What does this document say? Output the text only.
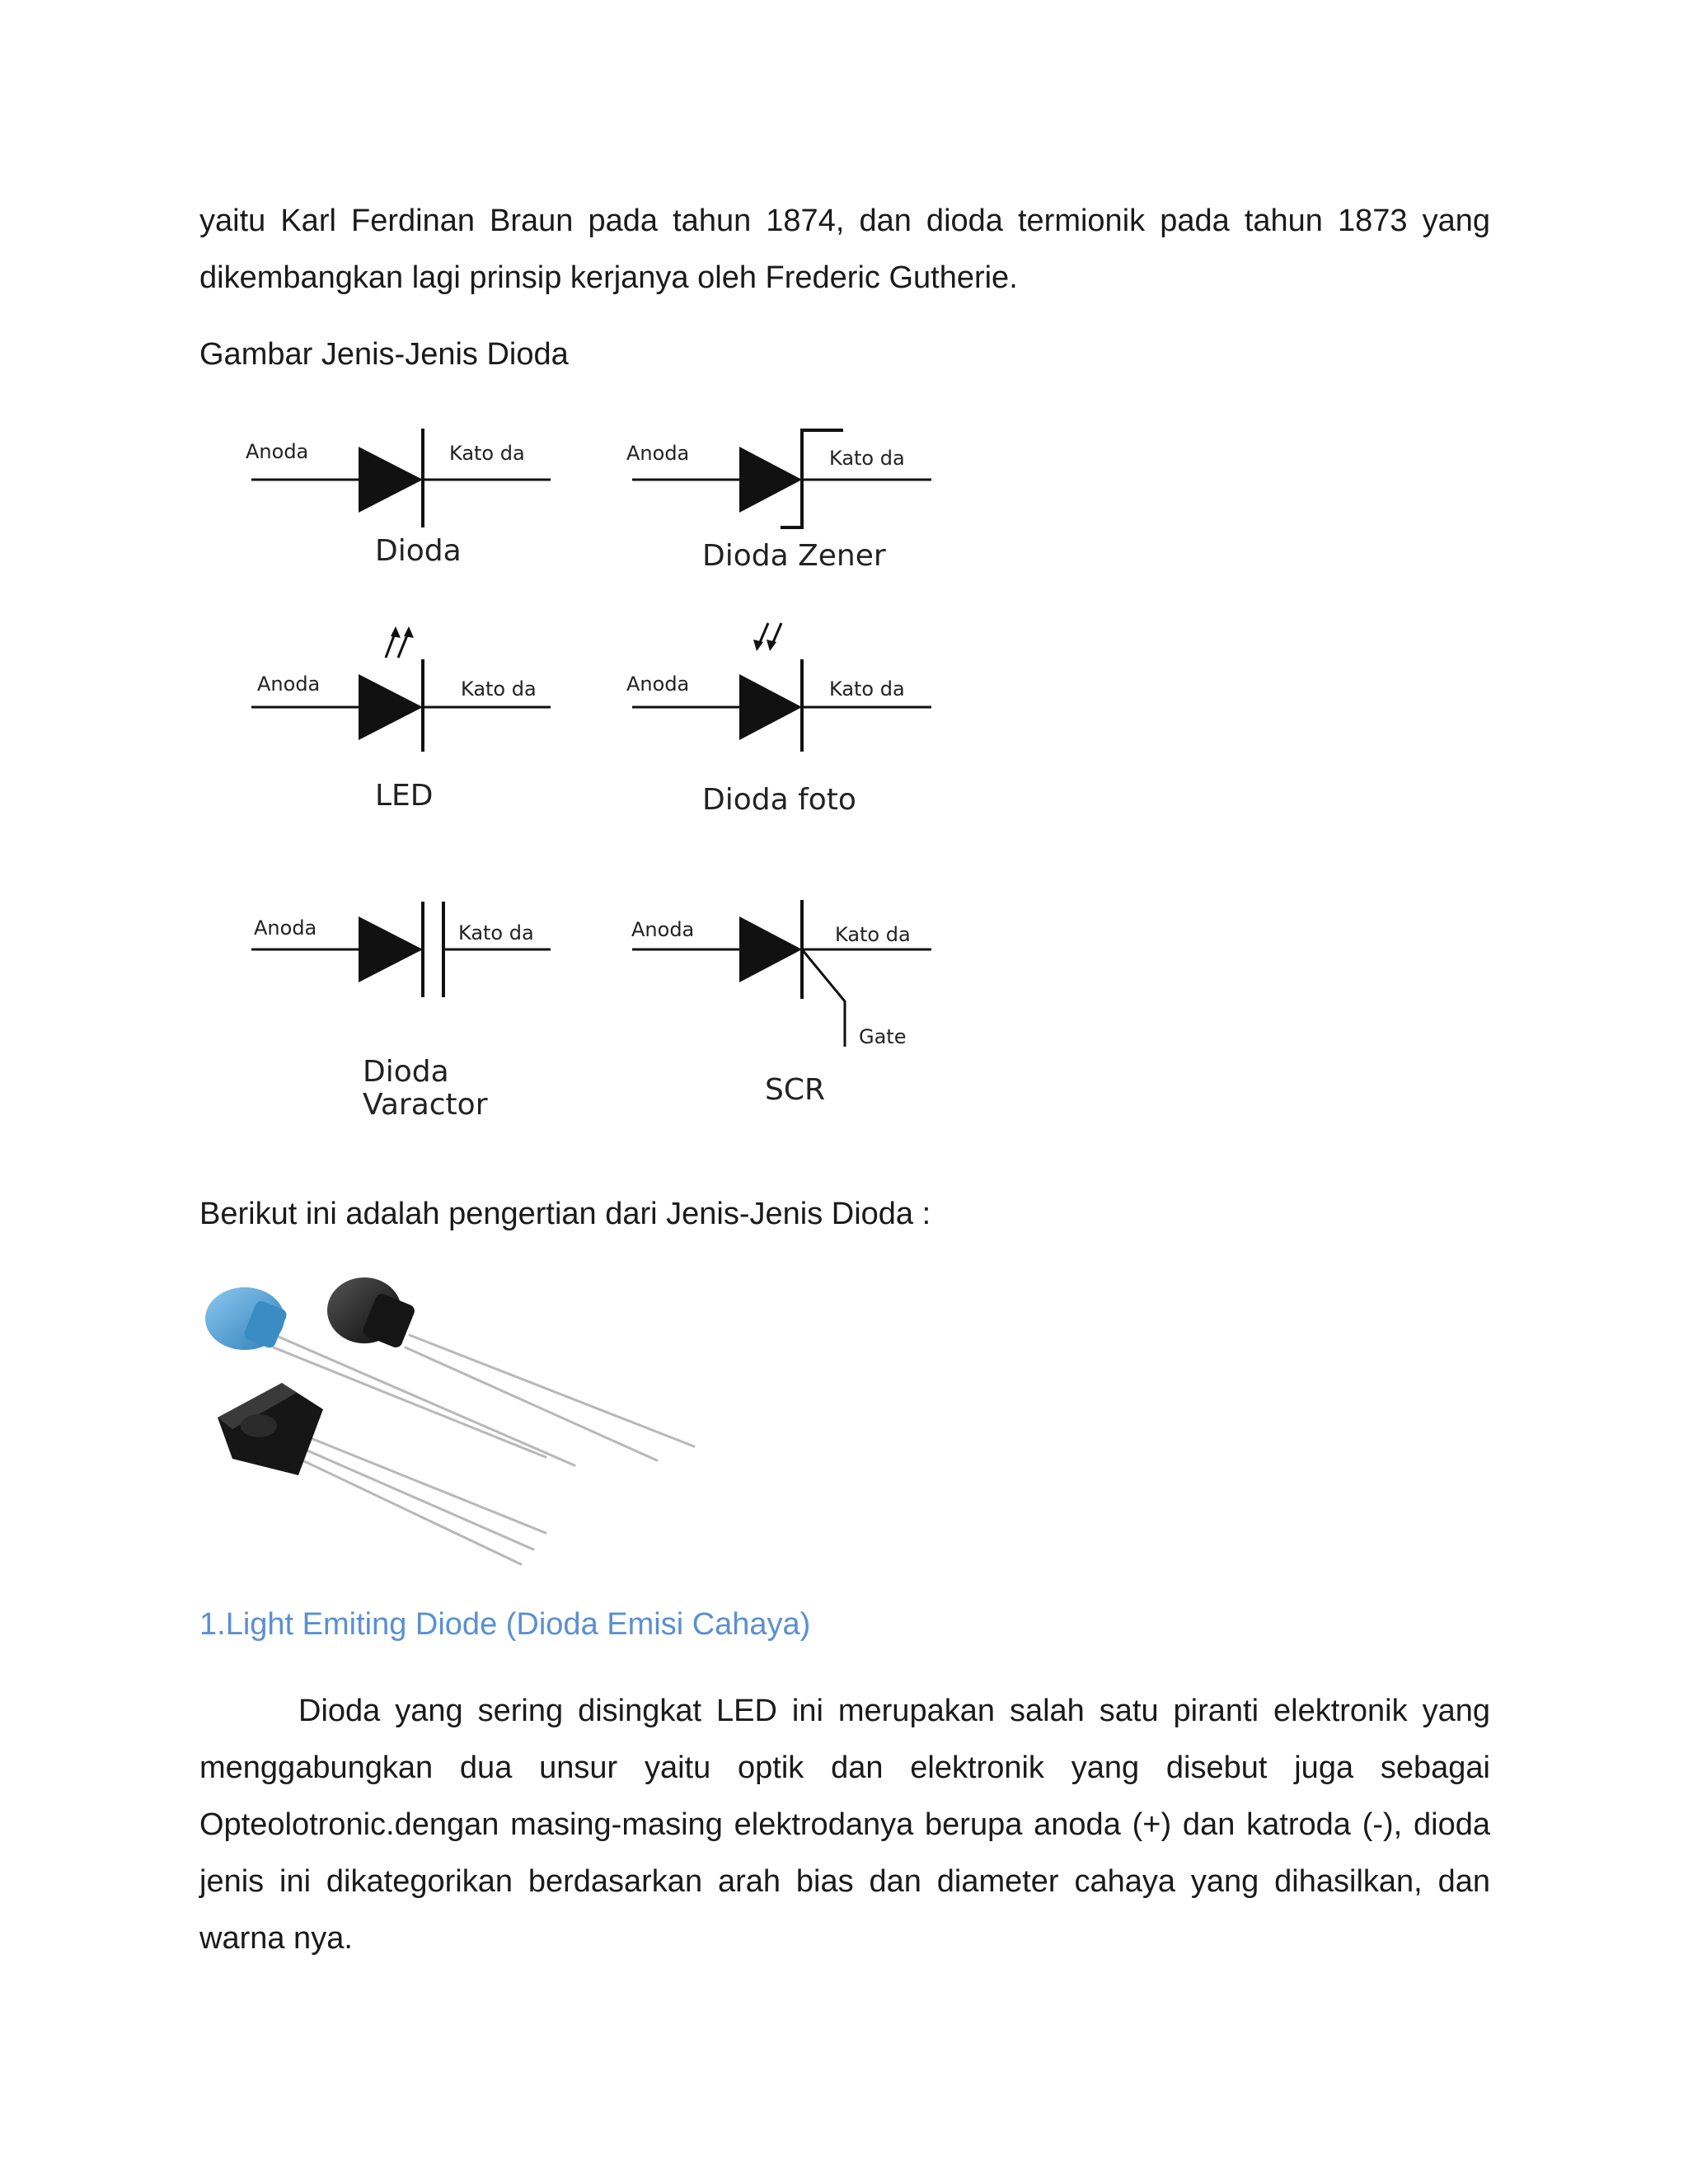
yaitu Karl Ferdinan Braun pada tahun 1874, dan dioda termionik pada tahun 1873 yang dikembangkan lagi prinsip kerjanya oleh Frederic Gutherie.

Gambar Jenis-Jenis Dioda

Anoda	Kato da
Dioda
Anoda	Kato da
Dioda Zener
Anoda	Kato da
LED
Anoda	Kato da
Dioda foto
Anoda	Kato da
Dioda
Varactor
Anoda	Kato da
Gate
SCR

Berikut ini adalah pengertian dari Jenis-Jenis Dioda :

1.Light Emiting Diode (Dioda Emisi Cahaya)

Dioda yang sering disingkat LED ini merupakan salah satu piranti elektronik yang menggabungkan dua unsur yaitu optik dan elektronik yang disebut juga sebagai Opteolotronic.dengan masing-masing elektrodanya berupa anoda (+) dan katroda (-), dioda jenis ini dikategorikan berdasarkan arah bias dan diameter cahaya yang dihasilkan, dan warna nya.
